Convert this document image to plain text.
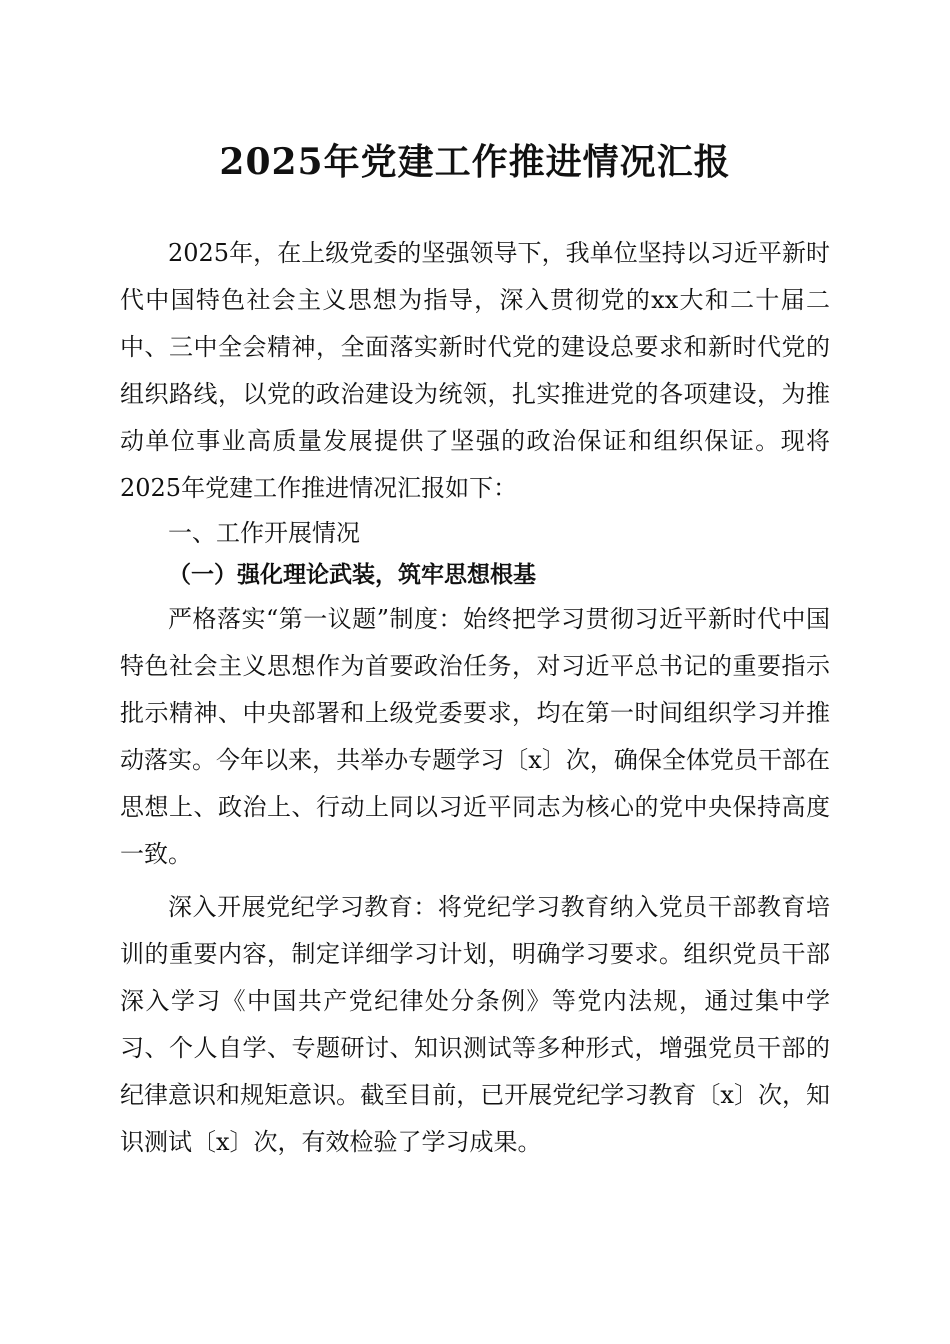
2025年党建工作推进情况汇报

2025年，在上级党委的坚强领导下，我单位坚持以习近平新时代中国特色社会主义思想为指导，深入贯彻党的xx大和二十届二中、三中全会精神，全面落实新时代党的建设总要求和新时代党的组织路线，以党的政治建设为统领，扎实推进党的各项建设，为推动单位事业高质量发展提供了坚强的政治保证和组织保证。现将2025年党建工作推进情况汇报如下：

一、工作开展情况

（一）强化理论武装，筑牢思想根基

严格落实“第一议题”制度：始终把学习贯彻习近平新时代中国特色社会主义思想作为首要政治任务，对习近平总书记的重要指示批示精神、中央部署和上级党委要求，均在第一时间组织学习并推动落实。今年以来，共举办专题学习〔x〕次，确保全体党员干部在思想上、政治上、行动上同以习近平同志为核心的党中央保持高度一致。

深入开展党纪学习教育：将党纪学习教育纳入党员干部教育培训的重要内容，制定详细学习计划，明确学习要求。组织党员干部深入学习《中国共产党纪律处分条例》等党内法规，通过集中学习、个人自学、专题研讨、知识测试等多种形式，增强党员干部的纪律意识和规矩意识。截至目前，已开展党纪学习教育〔x〕次，知识测试〔x〕次，有效检验了学习成果。
